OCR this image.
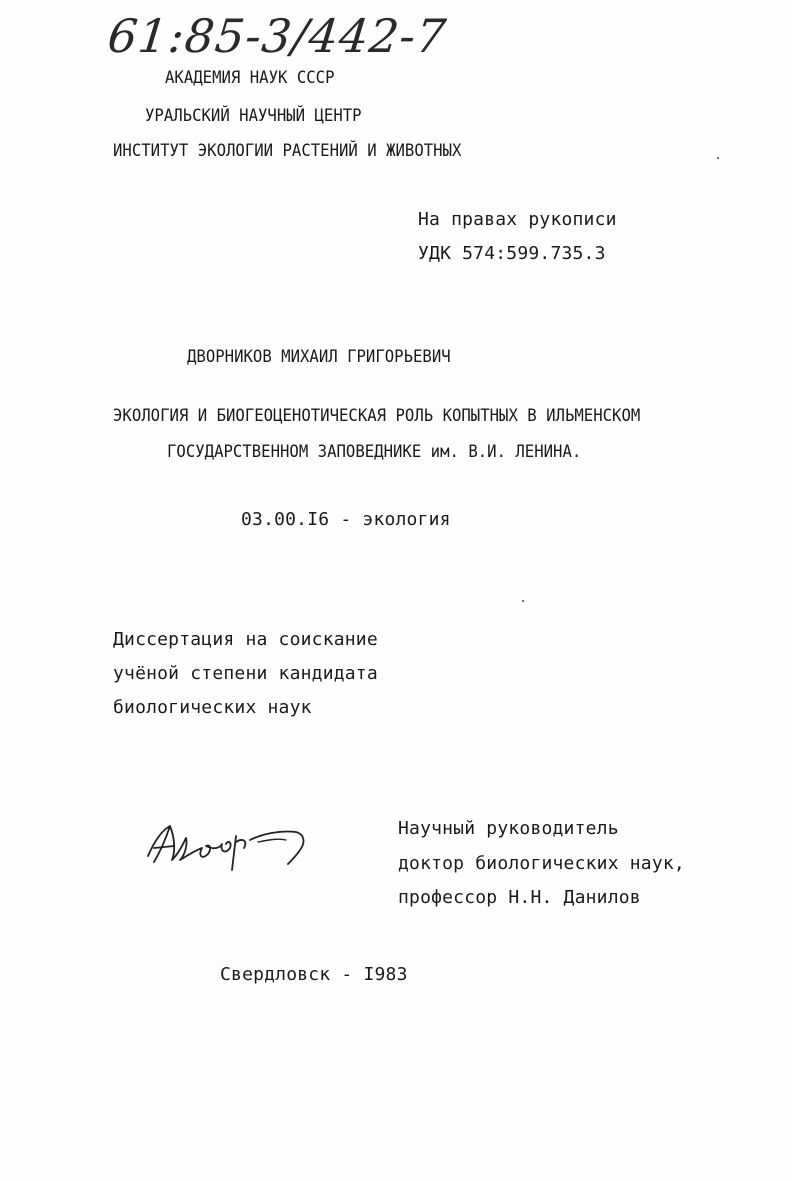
61:85-3/442-7
АКАДЕМИЯ НАУК СССР
УРАЛЬСКИЙ НАУЧНЫЙ ЦЕНТР
ИНСТИТУТ ЭКОЛОГИИ РАСТЕНИЙ И ЖИВОТНЫХ
На правах рукописи
УДК 574:599.735.3
ДВОРНИКОВ МИХАИЛ ГРИГОРЬЕВИЧ
ЭКОЛОГИЯ И БИОГЕОЦЕНОТИЧЕСКАЯ РОЛЬ КОПЫТНЫХ В ИЛЬМЕНСКОМ
ГОСУДАРСТВЕННОМ ЗАПОВЕДНИКЕ им. В.И. ЛЕНИНА.
03.00.I6 - экология
Диссертация на соискание
учёной степени кандидата
биологических наук
Научный руководитель
доктор биологических наук,
профессор Н.Н. Данилов
Свердловск - I983
